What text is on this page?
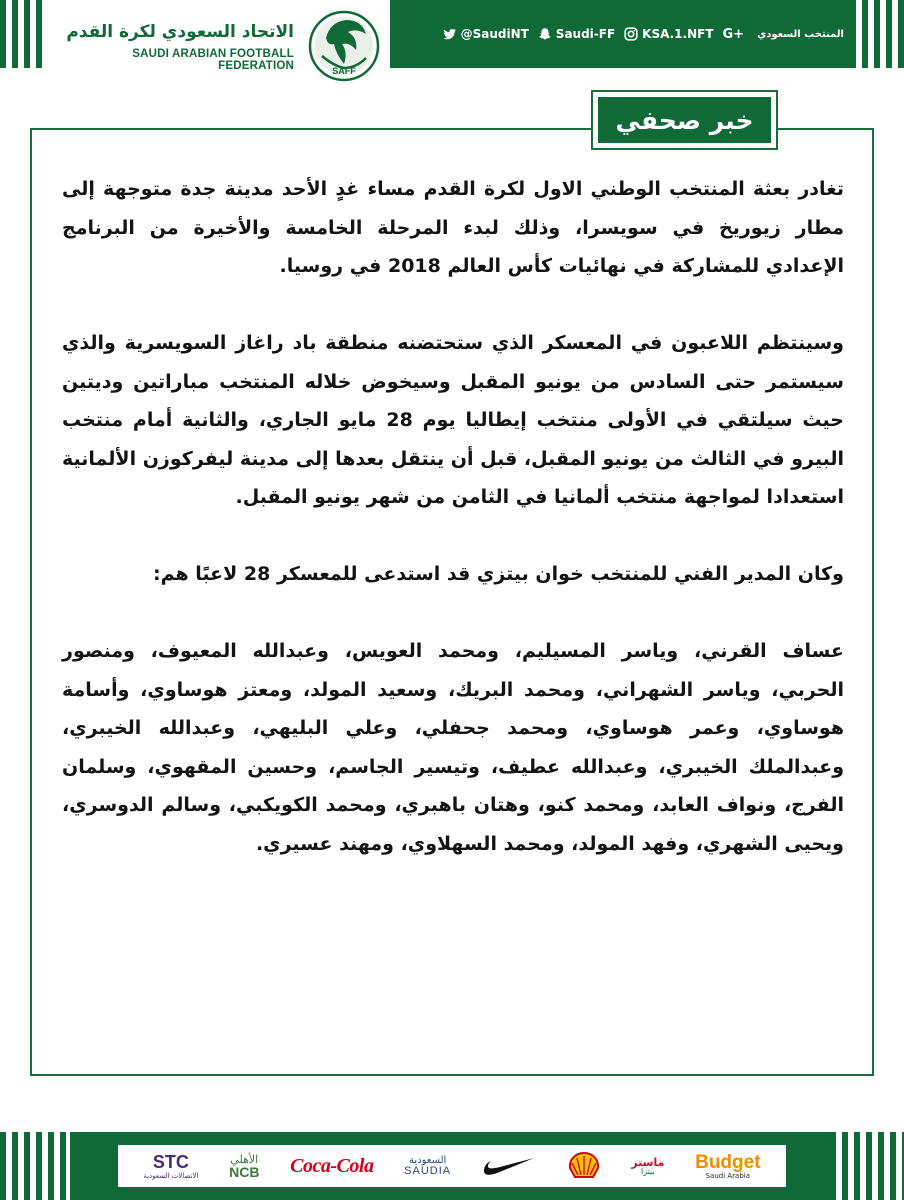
الاتحاد السعودي لكرة القدم
SAUDI ARABIAN FOOTBALL FEDERATION	SAFF
@SaudiNT Saudi-FF KSA.1.NFT G+ المنتخب السعودي
خبر صحفي

تغادر بعثة المنتخب الوطني الاول لكرة القدم مساء غدٍ الأحد مدينة جدة متوجهة إلى مطار زيوريخ في سويسرا، وذلك لبدء المرحلة الخامسة والأخيرة من البرنامج الإعدادي للمشاركة في نهائيات كأس العالم 2018 في روسيا.

وسينتظم اللاعبون في المعسكر الذي ستحتضنه منطقة باد راغاز السويسرية والذي سيستمر حتى السادس من يونيو المقبل وسيخوض خلاله المنتخب مباراتين وديتين حيث سيلتقي في الأولى منتخب إيطاليا يوم 28 مايو الجاري، والثانية أمام منتخب البيرو في الثالث من يونيو المقبل، قبل أن ينتقل بعدها إلى مدينة ليفركوزن الألمانية استعدادا لمواجهة منتخب ألمانيا في الثامن من شهر يونيو المقبل.

وكان المدير الفني للمنتخب خوان بيتزي قد استدعى للمعسكر 28 لاعبًا هم:

عساف القرني، وياسر المسيليم، ومحمد العويس، وعبدالله المعيوف، ومنصور الحربي، وياسر الشهراني، ومحمد البريك، وسعيد المولد، ومعتز هوساوي، وأسامة هوساوي، وعمر هوساوي، ومحمد جحفلي، وعلي البليهي، وعبدالله الخيبري، وعبدالملك الخيبري، وعبدالله عطيف، وتيسير الجاسم، وحسين المقهوي، وسلمان الفرج، ونواف العابد، ومحمد كنو، وهتان باهبري، ومحمد الكويكبي، وسالم الدوسري، ويحيى الشهري، وفهد المولد، ومحمد السهلاوي، ومهند عسيري.

STC
الاتصالات السعودية
الأهلي
NCB Coca-Cola	السعودية
SAUDIA
ماستر
بيتزا Budget
Saudi Arabia
